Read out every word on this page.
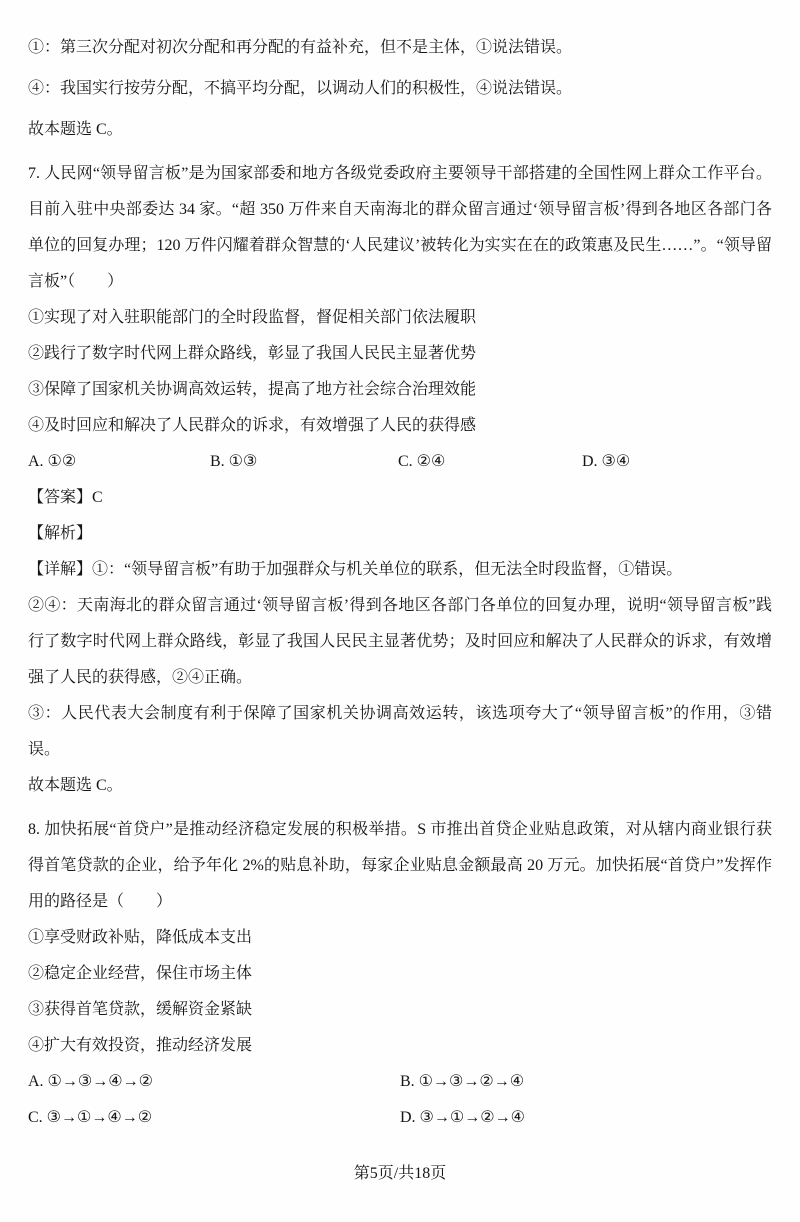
①：第三次分配对初次分配和再分配的有益补充，但不是主体，①说法错误。

④：我国实行按劳分配，不搞平均分配，以调动人们的积极性，④说法错误。

故本题选 C。

7. 人民网“领导留言板”是为国家部委和地方各级党委政府主要领导干部搭建的全国性网上群众工作平台。目前入驻中央部委达 34 家。“超 350 万件来自天南海北的群众留言通过‘领导留言板’得到各地区各部门各单位的回复办理；120 万件闪耀着群众智慧的‘人民建议’被转化为实实在在的政策惠及民生……”。“领导留言板”（　　）

①实现了对入驻职能部门的全时段监督，督促相关部门依法履职

②践行了数字时代网上群众路线，彰显了我国人民民主显著优势

③保障了国家机关协调高效运转，提高了地方社会综合治理效能

④及时回应和解决了人民群众的诉求，有效增强了人民的获得感

A. ①②	B. ①③	C. ②④	D. ③④

【答案】C

【解析】

【详解】①：“领导留言板”有助于加强群众与机关单位的联系，但无法全时段监督，①错误。

②④：天南海北的群众留言通过‘领导留言板’得到各地区各部门各单位的回复办理，说明“领导留言板”践行了数字时代网上群众路线，彰显了我国人民民主显著优势；及时回应和解决了人民群众的诉求，有效增强了人民的获得感，②④正确。

③：人民代表大会制度有利于保障了国家机关协调高效运转，该选项夸大了“领导留言板”的作用，③错误。

故本题选 C。

8. 加快拓展“首贷户”是推动经济稳定发展的积极举措。S 市推出首贷企业贴息政策，对从辖内商业银行获得首笔贷款的企业，给予年化 2%的贴息补助，每家企业贴息金额最高 20 万元。加快拓展“首贷户”发挥作用的路径是（　　）

①享受财政补贴，降低成本支出

②稳定企业经营，保住市场主体

③获得首笔贷款，缓解资金紧缺

④扩大有效投资，推动经济发展

A. ①→③→④→②	B. ①→③→②→④
C. ③→①→④→②	D. ③→①→②→④
第5页/共18页
